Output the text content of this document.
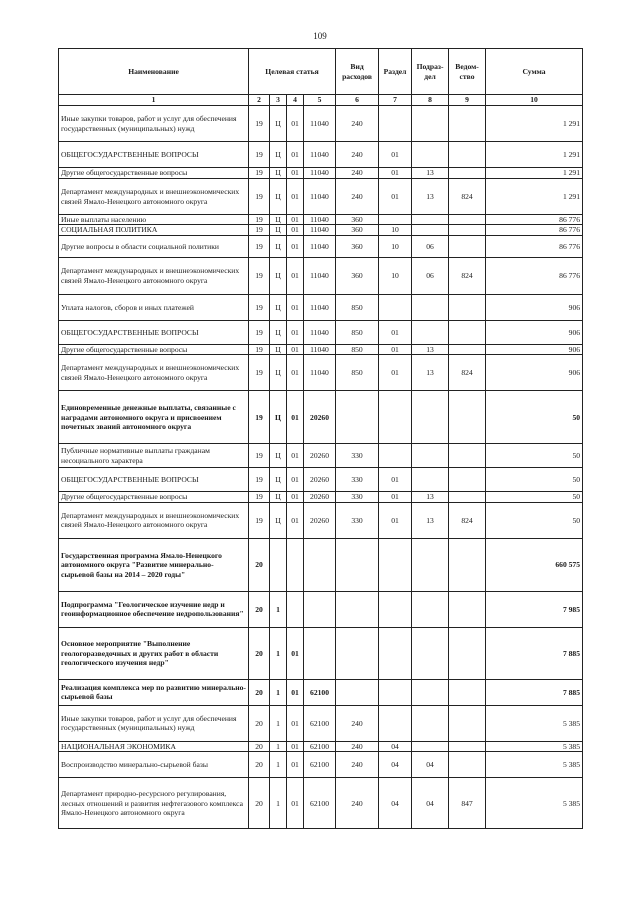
109
Наименование	Целевая статья				Вид расходов	Раздел	Подраз-дел	Ведом-ство	Сумма
1	2	3	4	5	6	7	8	9	10
Иные закупки товаров, работ и услуг для обеспечения государственных (муниципальных) нужд	19	Ц	01	11040	240				1 291
ОБЩЕГОСУДАРСТВЕННЫЕ ВОПРОСЫ	19	Ц	01	11040	240	01			1 291
Другие общегосударственные вопросы	19	Ц	01	11040	240	01	13		1 291
Департамент международных и внешнеэкономических связей Ямало-Ненецкого автономного округа	19	Ц	01	11040	240	01	13	824	1 291
Иные выплаты населению	19	Ц	01	11040	360				86 776
СОЦИАЛЬНАЯ ПОЛИТИКА	19	Ц	01	11040	360	10			86 776
Другие вопросы в области социальной политики	19	Ц	01	11040	360	10	06		86 776
Департамент международных и внешнеэкономических связей Ямало-Ненецкого автономного округа	19	Ц	01	11040	360	10	06	824	86 776
Уплата налогов, сборов и иных платежей	19	Ц	01	11040	850				906
ОБЩЕГОСУДАРСТВЕННЫЕ ВОПРОСЫ	19	Ц	01	11040	850	01			906
Другие общегосударственные вопросы	19	Ц	01	11040	850	01	13		906
Департамент международных и внешнеэкономических связей Ямало-Ненецкого автономного округа	19	Ц	01	11040	850	01	13	824	906
Единовременные денежные выплаты, связанные с наградами автономного округа и присвоением почетных званий автономного округа	19	Ц	01	20260					50
Публичные нормативные выплаты гражданам несоциального характера	19	Ц	01	20260	330				50
ОБЩЕГОСУДАРСТВЕННЫЕ ВОПРОСЫ	19	Ц	01	20260	330	01			50
Другие общегосударственные вопросы	19	Ц	01	20260	330	01	13		50
Департамент международных и внешнеэкономических связей Ямало-Ненецкого автономного округа	19	Ц	01	20260	330	01	13	824	50
Государственная программа Ямало-Ненецкого автономного округа "Развитие минерально-сырьевой базы на 2014 – 2020 годы"	20								660 575
Подпрограмма "Геологическое изучение недр и геоинформационное обеспечение недропользования"	20	1							7 985
Основное мероприятие "Выполнение геологоразведочных и других работ в области геологического изучения недр"	20	1	01						7 885
Реализация комплекса мер по развитию минерально-сырьевой базы	20	1	01	62100					7 885
Иные закупки товаров, работ и услуг для обеспечения государственных (муниципальных) нужд	20	1	01	62100	240				5 385
НАЦИОНАЛЬНАЯ ЭКОНОМИКА	20	1	01	62100	240	04			5 385
Воспроизводство минерально-сырьевой базы	20	1	01	62100	240	04	04		5 385
Департамент природно-ресурсного регулирования, лесных отношений и развития нефтегазового комплекса Ямало-Ненецкого автономного округа	20	1	01	62100	240	04	04	847	5 385
